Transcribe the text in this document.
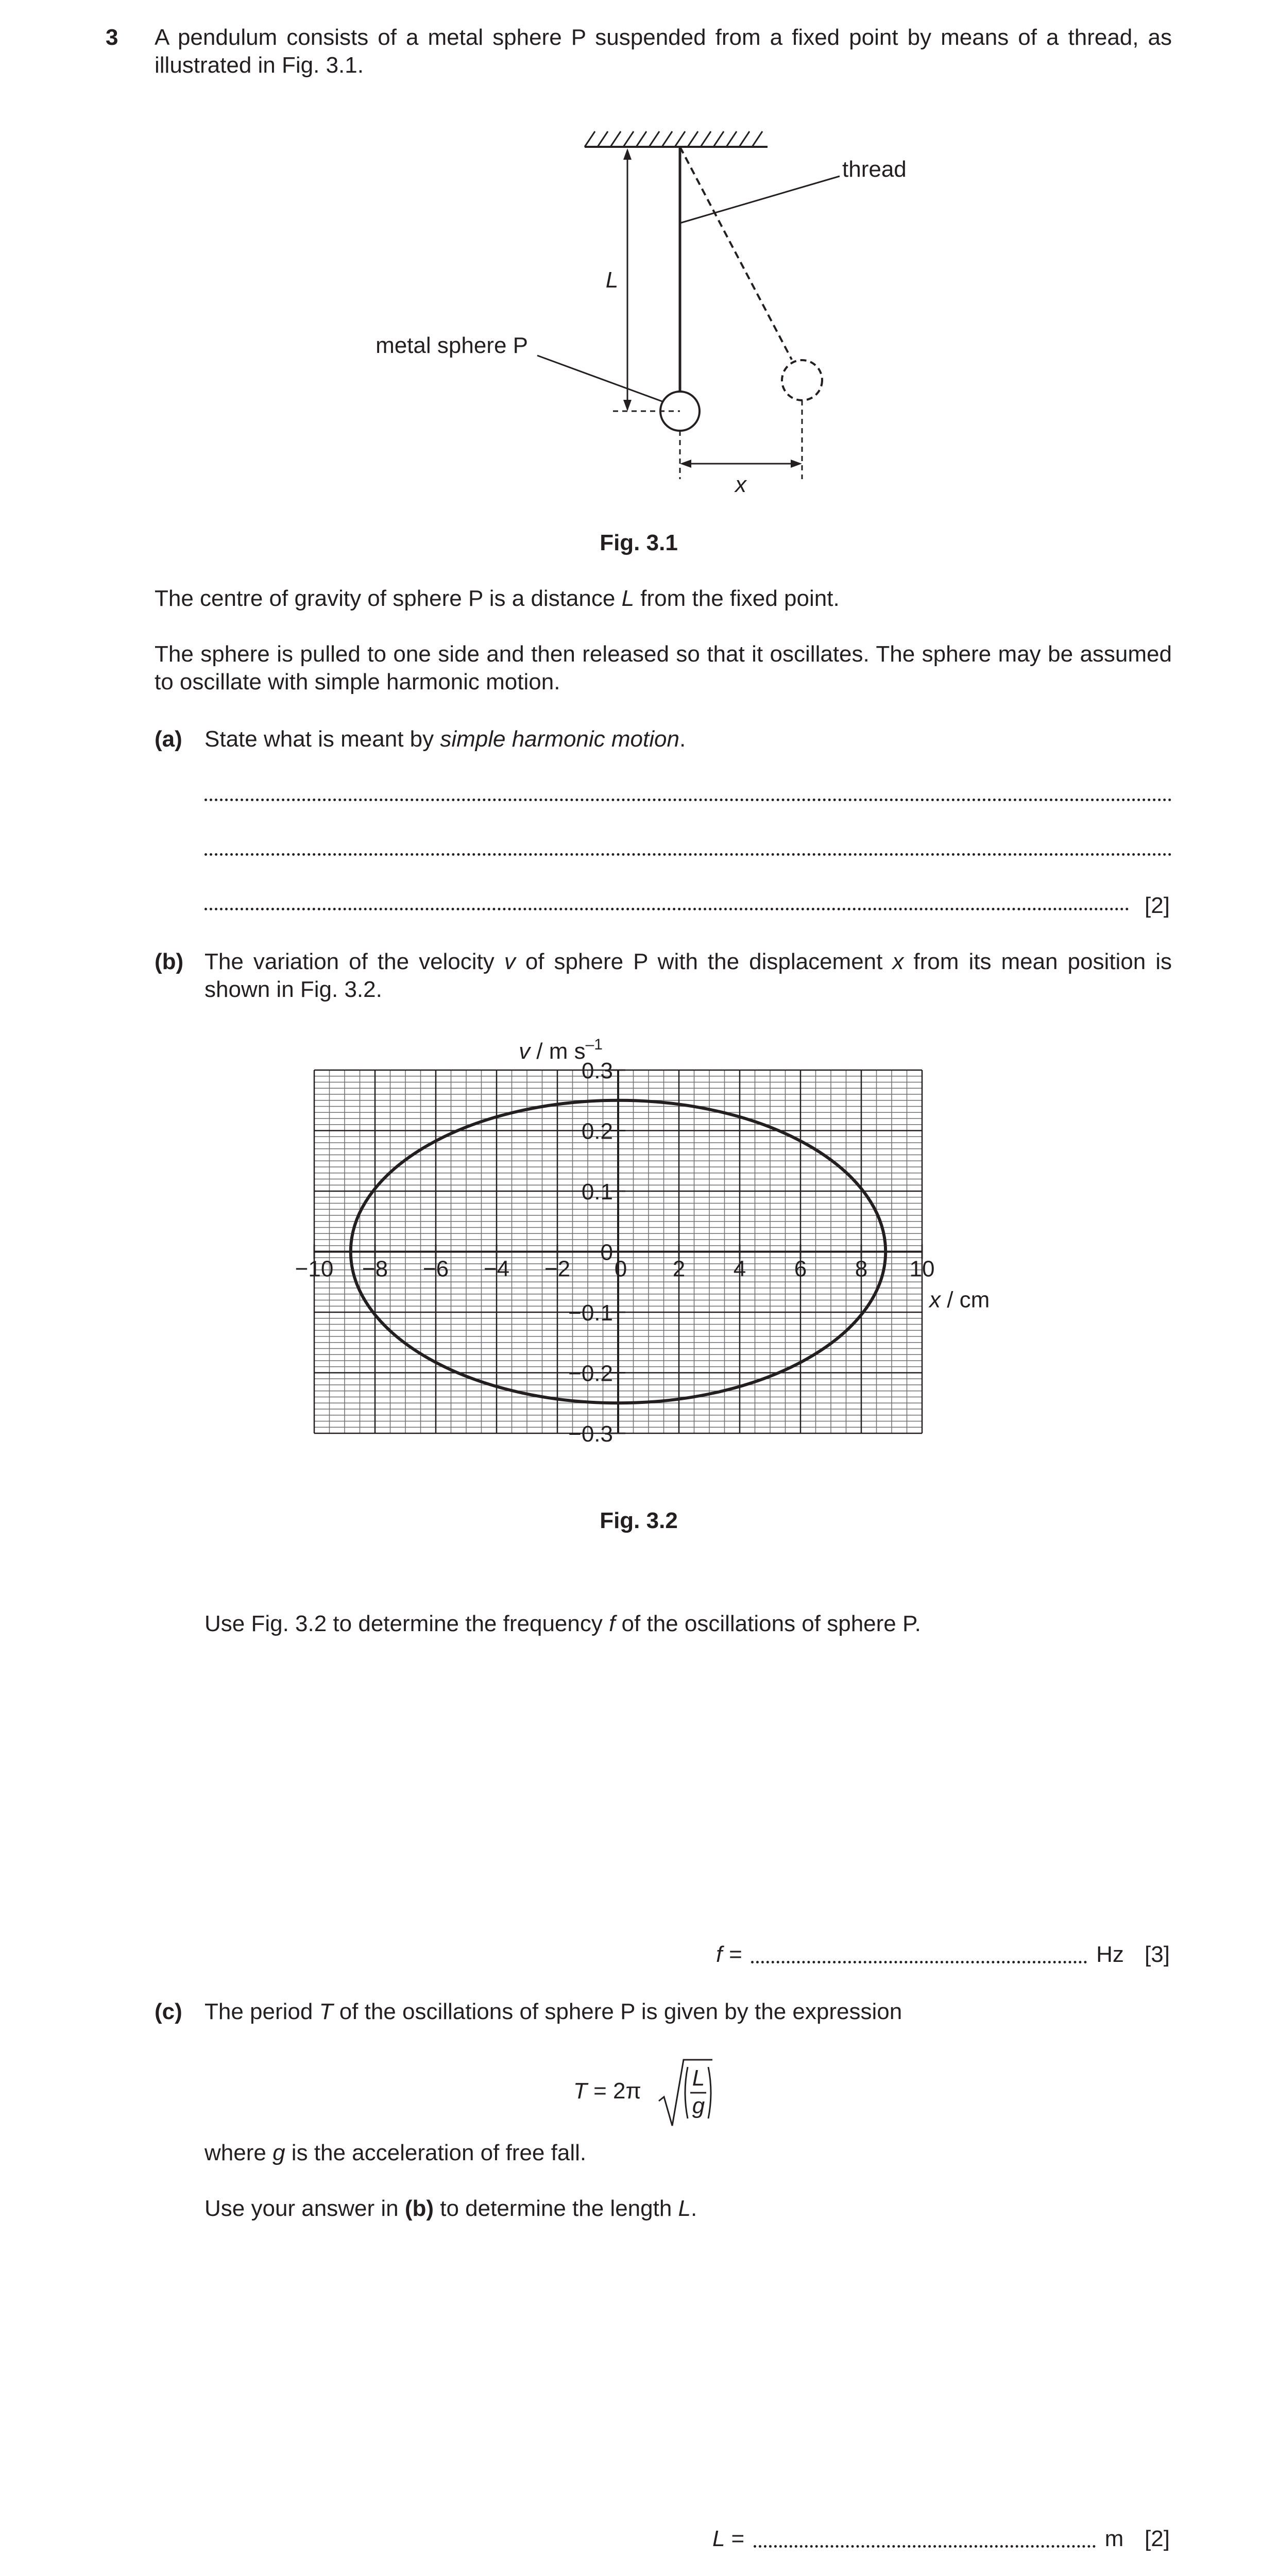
3 A pendulum consists of a metal sphere P suspended from a fixed point by means of a thread, as illustrated in Fig. 3.1.
L
thread
metal sphere P
x
Fig. 3.1
The centre of gravity of sphere P is a distance L from the fixed point.
The sphere is pulled to one side and then released so that it oscillates. The sphere may be assumed to oscillate with simple harmonic motion.
(a) State what is meant by simple harmonic motion.
[2]
(b) The variation of the velocity v of sphere P with the displacement x from its mean position is shown in Fig. 3.2.
−10 −8 −6 −4 −2 0 2 4 6 8 10
0.3
0.2
0.1
0
−0.1
−0.2
−0.3
v / m $s^{-1}$
x / cm
Fig. 3.2
Use Fig. 3.2 to determine the frequency f of the oscillations of sphere P.
f =	Hz [3]
(c) The period T of the oscillations of sphere P is given by the expression
T = 2π
L
g
where g is the acceleration of free fall.
Use your answer in (b) to determine the length L.
L =	m [2]
